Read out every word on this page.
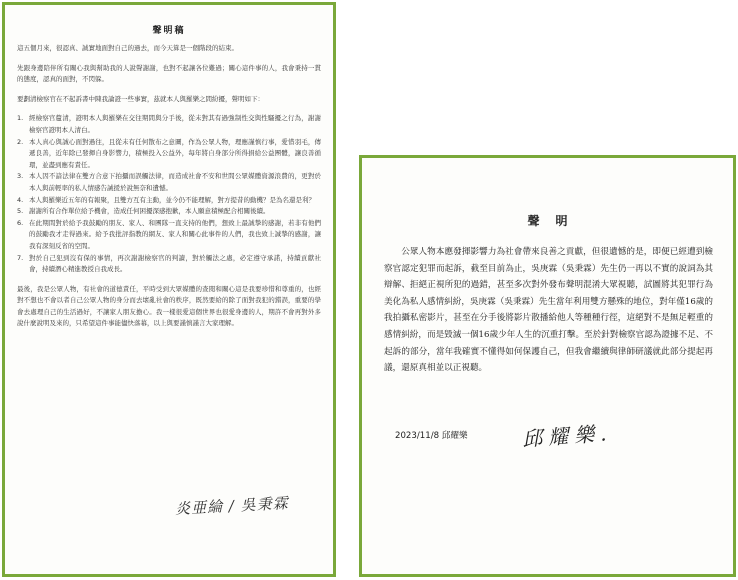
聲明稿

這五個月來，很認真、誠實地面對自己的過去，而今天算是一個階段的結束。

先跟身邊陪伴所有關心我與幫助我的人說聲謝謝，也對不起讓各位難過；關心這件事的人，我會秉持一貫的態度，認真的面對，不閃躲。

要劃清檢察官在不起訴書中陳我論證一些事實，茲就本人與羅樂之間紛擾，聲明如下：

1. 經檢察官釐清，證明本人與羅樂在交往期間與分手後，從未對其有過強制性交與性騷擾之行為，謝謝檢察官證明本人清白。
2. 本人真心與誠心面對過往，且從未有任何散布之意圖，作為公眾人物，理應謹慎行事，愛惜羽毛，傳遞良善，近年除已發揮自身影響力，積極投入公益外，每年將自身部分所得捐給公益團體，讓良善循環，並盡到應有責任。
3. 本人因不諳法律在雙方合意下拍攝而誤觸法律，而造成社會不安和世間公眾媒體資源浪費的，更對於本人與前輕率的私人情感告誡援於說無奈和遺憾。
4. 本人與羅樂近五年的有報聚，且雙方互有主動，並今仍不能理解，對方提昔的動機？是為名還是利？
5. 謝謝所有合作單位給予機會，造成任何困擾深感抱歉，本人願意積極配合相關後續。
6. 在此期間對於給予我鼓勵的朋友、家人、和團隊一直支持的他們，想致上最誠摯的感謝，若非有他們的鼓勵我才走得過來。給予我批評指教的網友、家人和關心此事件的人們，我也致上誠摯的感謝，讓我有深刻反省的空間。
7. 對於自己犯到沒有保的事情，再次謝謝檢察官的判讀，對於觸法之處，必定遵守承諾，持續貢獻社會，持續潛心精進教授自我成長。

最後，我是公眾人物，有社會的道德責任，平時受到大眾媒體的查閱和關心這是我要珍惜和尊重的，也經對不想也不會以者自己公眾人物的身分而去壞亂社會的秩序，既然要給的除了面對我犯的錯誤，重要的學會去處理自己的生活過好，不讓家人朋友擔心。我一樣很愛這個世界也很愛身邊的人，期許不會再對外多說什麼說明及來的，只希望這件事能儘快落幕，以上與要謹慎謹言大家理解。

炎亜綸 / 吳秉霖
聲明
公眾人物本應發揮影響力為社會帶來良善之貢獻，但很遺憾的是，即便已經遭到檢察官認定犯罪而起訴，截至目前為止，吳庚霖（吳秉霖）先生仍一再以不實的說詞為其辯解、拒絕正視所犯的過錯，甚至多次對外發布聲明混淆大眾視聽，試圖將其犯罪行為美化為私人感情糾紛，吳庚霖（吳秉霖）先生當年利用雙方懸殊的地位，對年僅16歲的我拍攝私密影片，甚至在分手後將影片散播給他人等種種行徑，這絕對不是無足輕重的感情糾紛，而是毀滅一個16歲少年人生的沉重打擊。至於針對檢察官認為證據不足、不起訴的部分，當年我確實不懂得如何保護自己，但我會繼續與律師研議就此部分提起再議，還原真相並以正視聽。
2023/11/8 邱耀樂	邱耀樂.
